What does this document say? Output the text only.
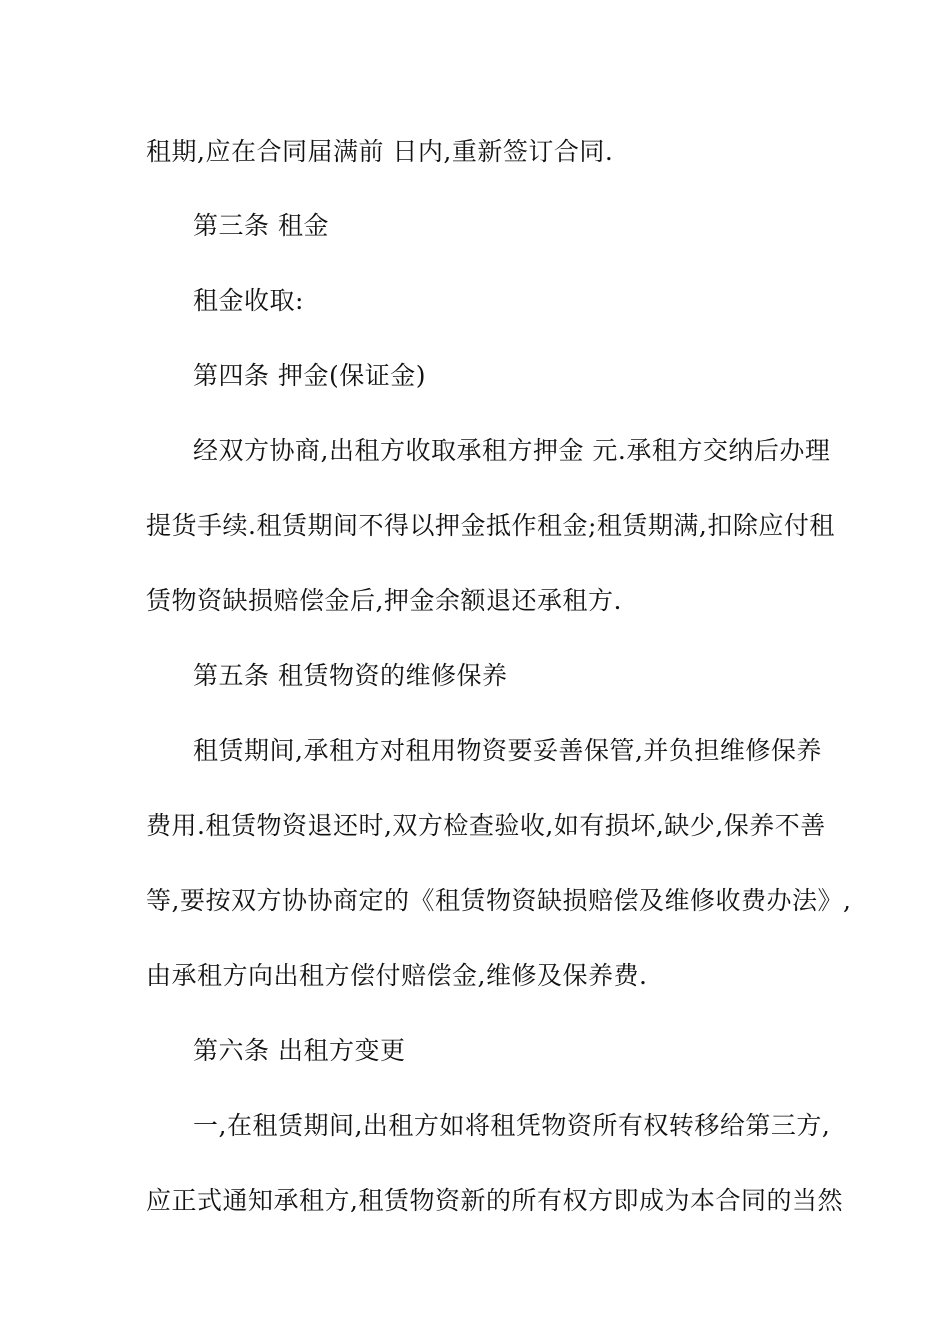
租期,应在合同届满前 日内,重新签订合同.
第三条 租金
租金收取:
第四条 押金(保证金)
经双方协商,出租方收取承租方押金 元.承租方交纳后办理
提货手续.租赁期间不得以押金抵作租金;租赁期满,扣除应付租
赁物资缺损赔偿金后,押金余额退还承租方.
第五条 租赁物资的维修保养
租赁期间,承租方对租用物资要妥善保管,并负担维修保养
费用.租赁物资退还时,双方检查验收,如有损坏,缺少,保养不善
等,要按双方协协商定的《租赁物资缺损赔偿及维修收费办法》,
由承租方向出租方偿付赔偿金,维修及保养费.
第六条 出租方变更
一,在租赁期间,出租方如将租凭物资所有权转移给第三方,
应正式通知承租方,租赁物资新的所有权方即成为本合同的当然
